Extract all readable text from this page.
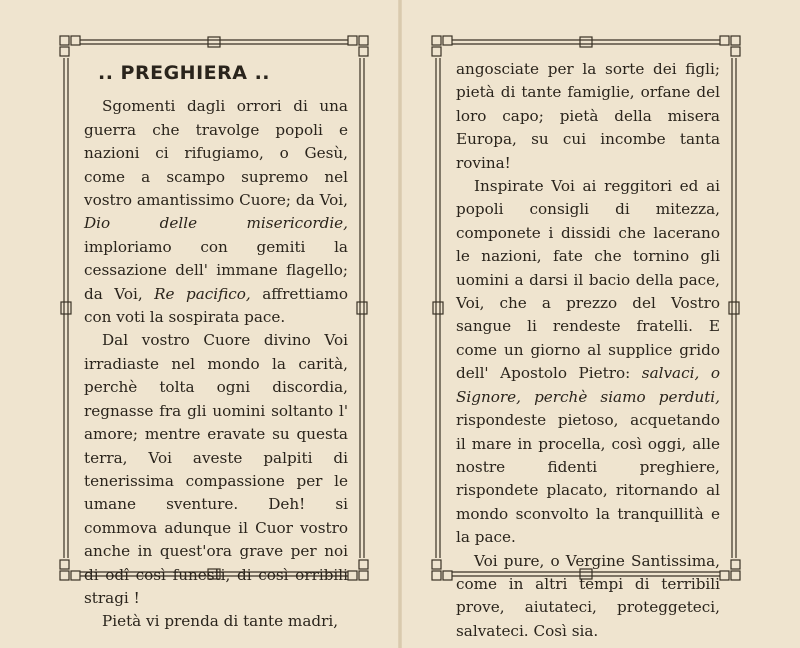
.. PREGHIERA ..

Sgomenti dagli orrori di una guerra che travolge popoli e nazioni ci rifugiamo, o Gesù, come a scampo supremo nel vostro amantissimo Cuore; da Voi, Dio delle misericordie, imploriamo con gemiti la cessazione dell' immane flagello; da Voi, Re pacifico, affrettiamo con voti la sospirata pace.

Dal vostro Cuore divino Voi irradiaste nel mondo la carità, perchè tolta ogni discordia, regnasse fra gli uomini soltanto l' amore; mentre eravate su questa terra, Voi aveste palpiti di tenerissima compassione per le umane sventure. Deh! si commova adunque il Cuor vostro anche in quest'ora grave per noi di odî così funesti, di così orribili stragi !

Pietà vi prenda di tante madri,

angosciate per la sorte dei figli; pietà di tante famiglie, orfane del loro capo; pietà della misera Europa, su cui incombe tanta rovina!

Inspirate Voi ai reggitori ed ai popoli consigli di mitezza, componete i dissidi che lacerano le nazioni, fate che tornino gli uomini a darsi il bacio della pace, Voi, che a prezzo del Vostro sangue li rendeste fratelli. E come un giorno al supplice grido dell' Apostolo Pietro: salvaci, o Signore, perchè siamo perduti, rispondeste pietoso, acquetando il mare in procella, così oggi, alle nostre fidenti preghiere, rispondete placato, ritornando al mondo sconvolto la tranquillità e la pace.

Voi pure, o Vergine Santissima, come in altri tempi di terribili prove, aiutateci, proteggeteci, salvateci. Così sia.
